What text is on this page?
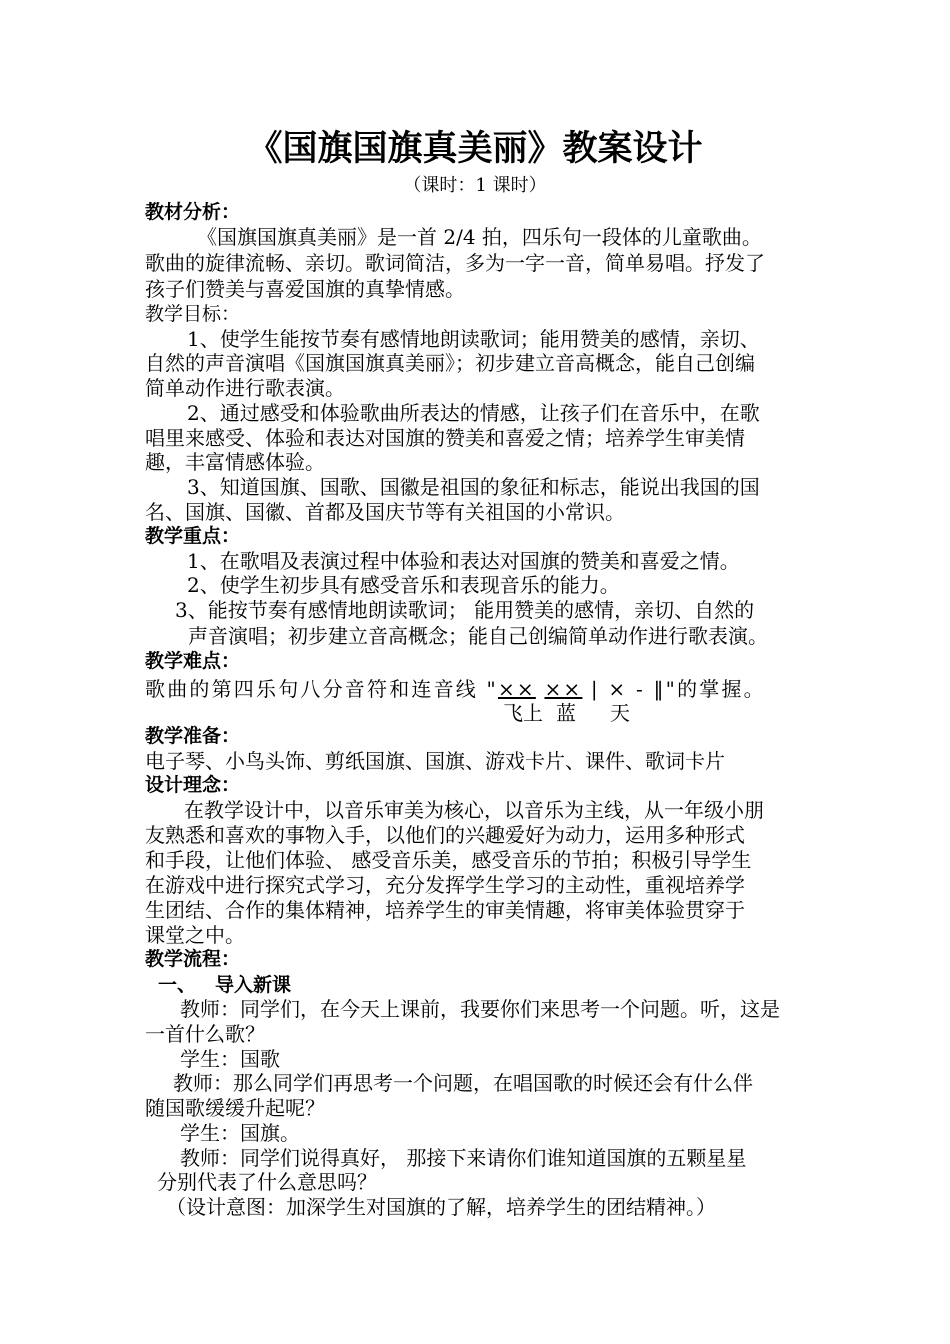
《国旗国旗真美丽》教案设计
（课时：1 课时）
教材分析：
《国旗国旗真美丽》是一首 2/4 拍，四乐句一段体的儿童歌曲。
歌曲的旋律流畅、亲切。歌词简洁，多为一字一音，简单易唱。抒发了
孩子们赞美与喜爱国旗的真挚情感。
教学目标：
1、使学生能按节奏有感情地朗读歌词；能用赞美的感情，亲切、
自然的声音演唱《国旗国旗真美丽》；初步建立音高概念，能自己创编
简单动作进行歌表演。
2、通过感受和体验歌曲所表达的情感，让孩子们在音乐中，在歌
唱里来感受、体验和表达对国旗的赞美和喜爱之情；培养学生审美情
趣，丰富情感体验。
3、知道国旗、国歌、国徽是祖国的象征和标志，能说出我国的国
名、国旗、国徽、首都及国庆节等有关祖国的小常识。
教学重点：
1、在歌唱及表演过程中体验和表达对国旗的赞美和喜爱之情。
2、使学生初步具有感受音乐和表现音乐的能力。
3、能按节奏有感情地朗读歌词； 能用赞美的感情，亲切、自然的
声音演唱；初步建立音高概念；能自己创编简单动作进行歌表演。
教学难点：
歌曲的第四乐句八分音符和连音线 "×× ×× | × - ‖"的掌握。
飞上 蓝 天
教学准备：
电子琴、小鸟头饰、剪纸国旗、国旗、游戏卡片、课件、歌词卡片
设计理念：
在教学设计中，以音乐审美为核心，以音乐为主线，从一年级小朋
友熟悉和喜欢的事物入手，以他们的兴趣爱好为动力，运用多种形式
和手段，让他们体验、 感受音乐美，感受音乐的节拍；积极引导学生
在游戏中进行探究式学习，充分发挥学生学习的主动性，重视培养学
生团结、合作的集体精神，培养学生的审美情趣，将审美体验贯穿于
课堂之中。
教学流程：
一、 导入新课
教师：同学们，在今天上课前，我要你们来思考一个问题。听，这是
一首什么歌？
学生：国歌
教师：那么同学们再思考一个问题，在唱国歌的时候还会有什么伴
随国歌缓缓升起呢？
学生：国旗。
教师：同学们说得真好， 那接下来请你们谁知道国旗的五颗星星
分别代表了什么意思吗？
（设计意图：加深学生对国旗的了解，培养学生的团结精神。）
